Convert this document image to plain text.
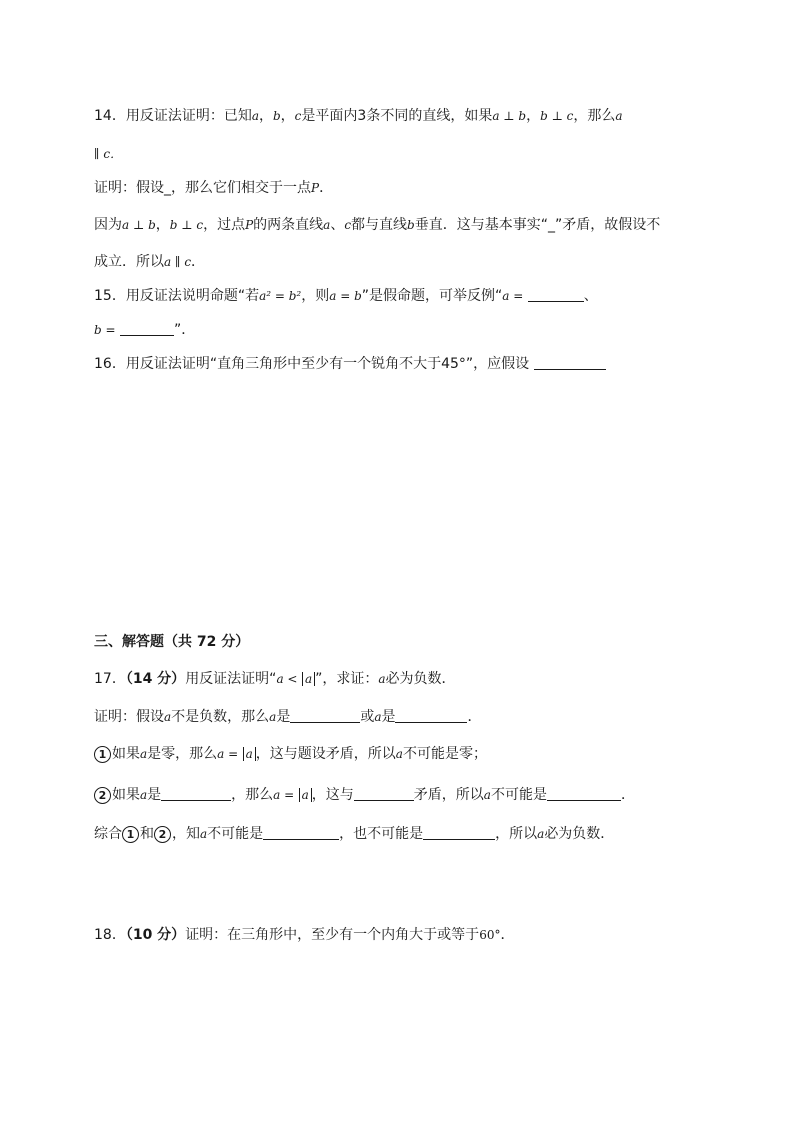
14．用反证法证明：已知a，b，c是平面内3条不同的直线，如果a ⊥ b，b ⊥ c，那么a
∥ c．
证明：假设_，那么它们相交于一点P．
因为a ⊥ b，b ⊥ c，过点P的两条直线a、c都与直线b垂直．这与基本事实“_”矛盾，故假设不
成立．所以a ∥ c．
15．用反证法说明命题“若a² = b²，则a = b”是假命题，可举反例“a =	、
b =	”．
16．用反证法证明“直角三角形中至少有一个锐角不大于45°”，应假设
三、解答题（共 72 分）
17．（14 分）用反证法证明“a < a ”，求证：a必为负数．
证明：假设a不是负数，那么a是	或a是	．
1 如果a是零，那么a = a ，这与题设矛盾，所以a不可能是零；
2 如果a是	，那么a = a ，这与	矛盾，所以a不可能是	．
综合 1 和 2 ，知a不可能是	，也不可能是	，所以a必为负数．
18．（10 分）证明：在三角形中，至少有一个内角大于或等于60°．
